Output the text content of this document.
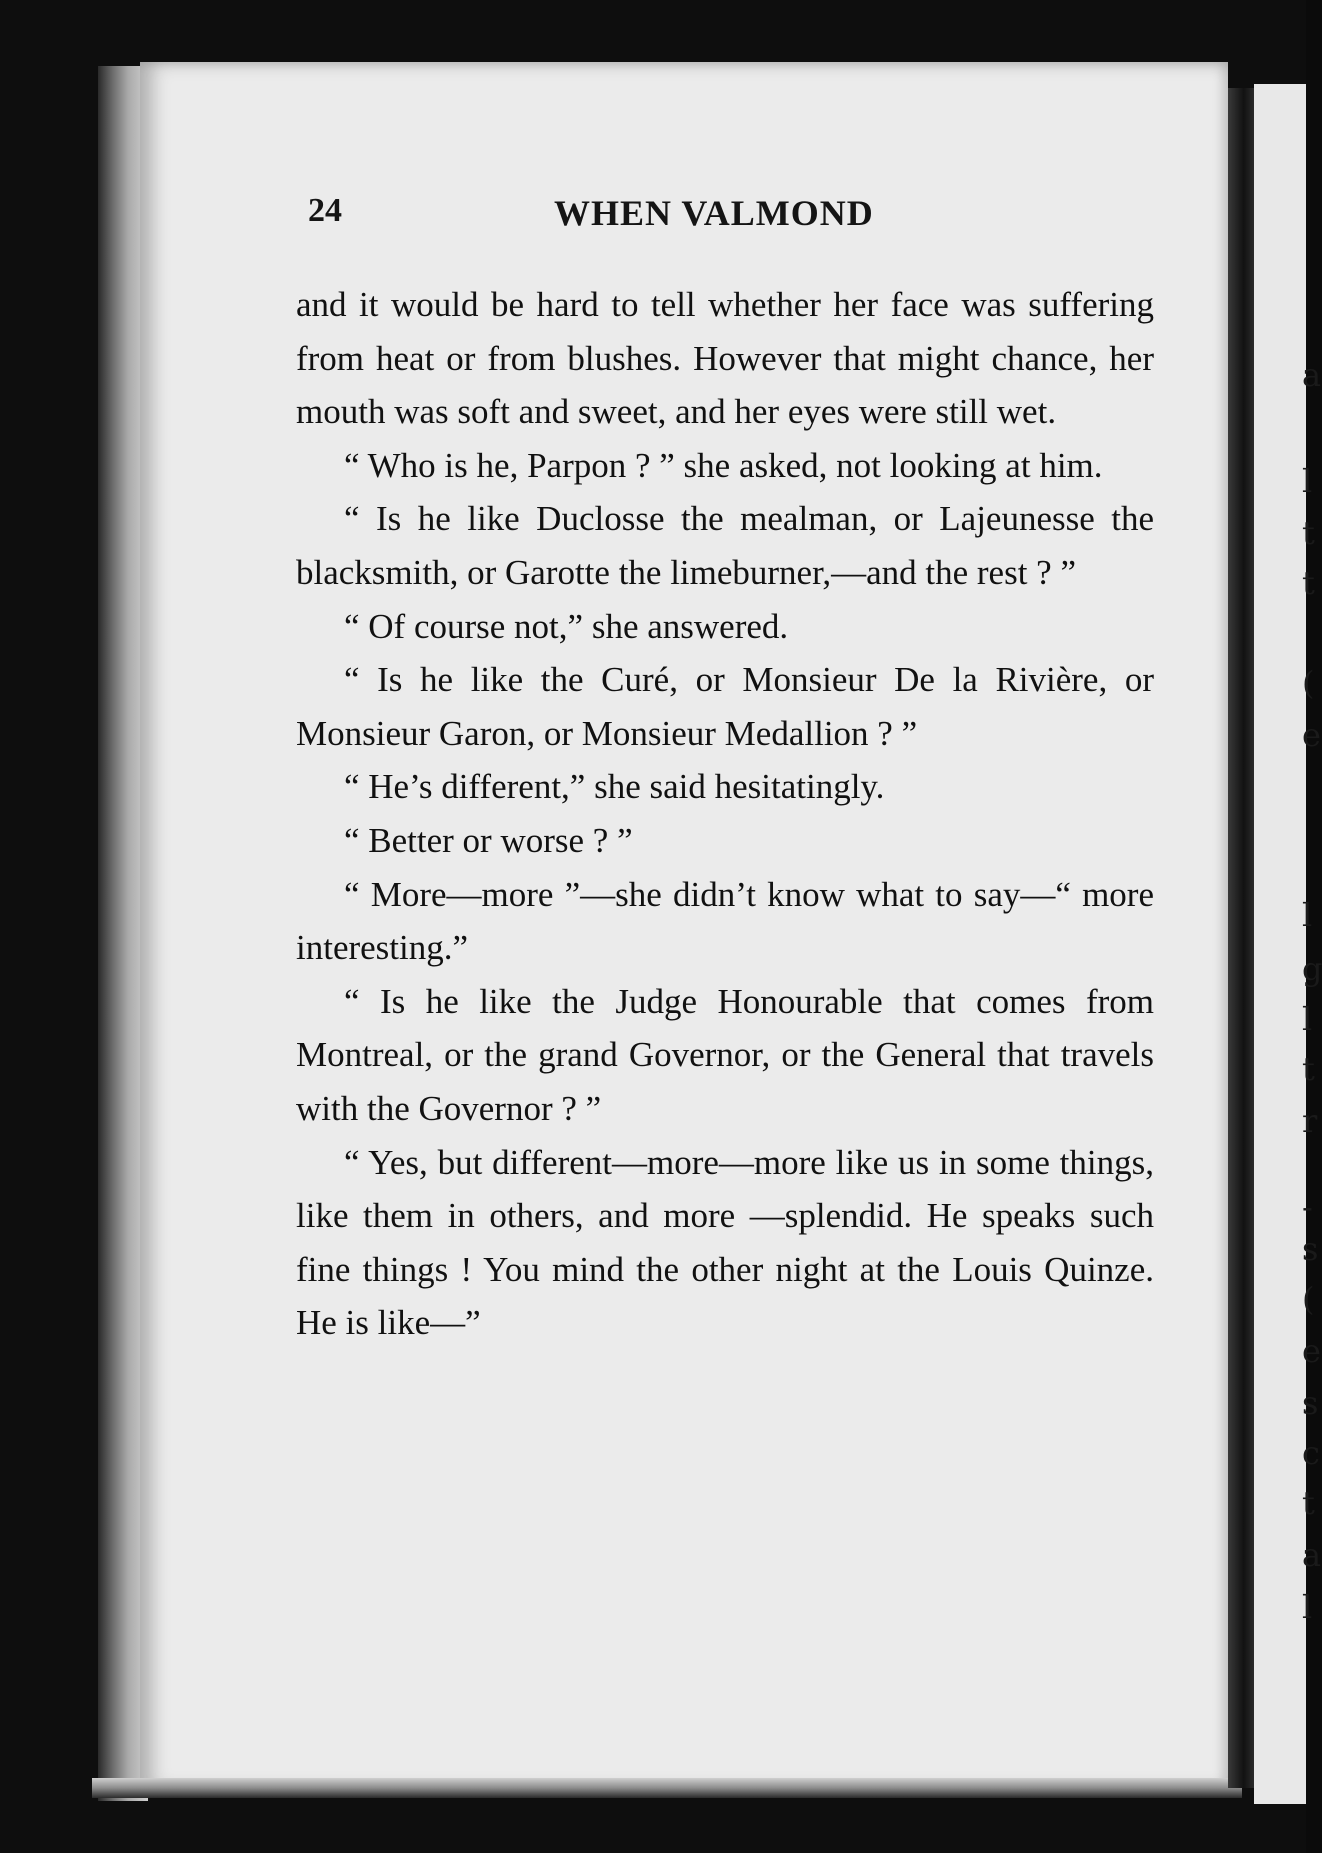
a
l
t
t
(
e
l
g
l
t
r
-
s
(
e
s
c
t
a
l
24	WHEN VALMOND

and it would be hard to tell whether her face was suffering from heat or from blushes. However that might chance, her mouth was soft and sweet, and her eyes were still wet.

“ Who is he, Parpon ? ” she asked, not looking at him.

“ Is he like Duclosse the mealman, or Lajeunesse the blacksmith, or Garotte the limeburner,—and the rest ? ”

“ Of course not,” she answered.

“ Is he like the Curé, or Monsieur De la Rivière, or Monsieur Garon, or Monsieur Medallion ? ”

“ He’s different,” she said hesitatingly.

“ Better or worse ? ”

“ More—more ”—she didn’t know what to say—“ more interesting.”

“ Is he like the Judge Honourable that comes from Montreal, or the grand Governor, or the General that travels with the Governor ? ”

“ Yes, but different—more—more like us in some things, like them in others, and more —splendid. He speaks such fine things ! You mind the other night at the Louis Quinze. He is like—”
